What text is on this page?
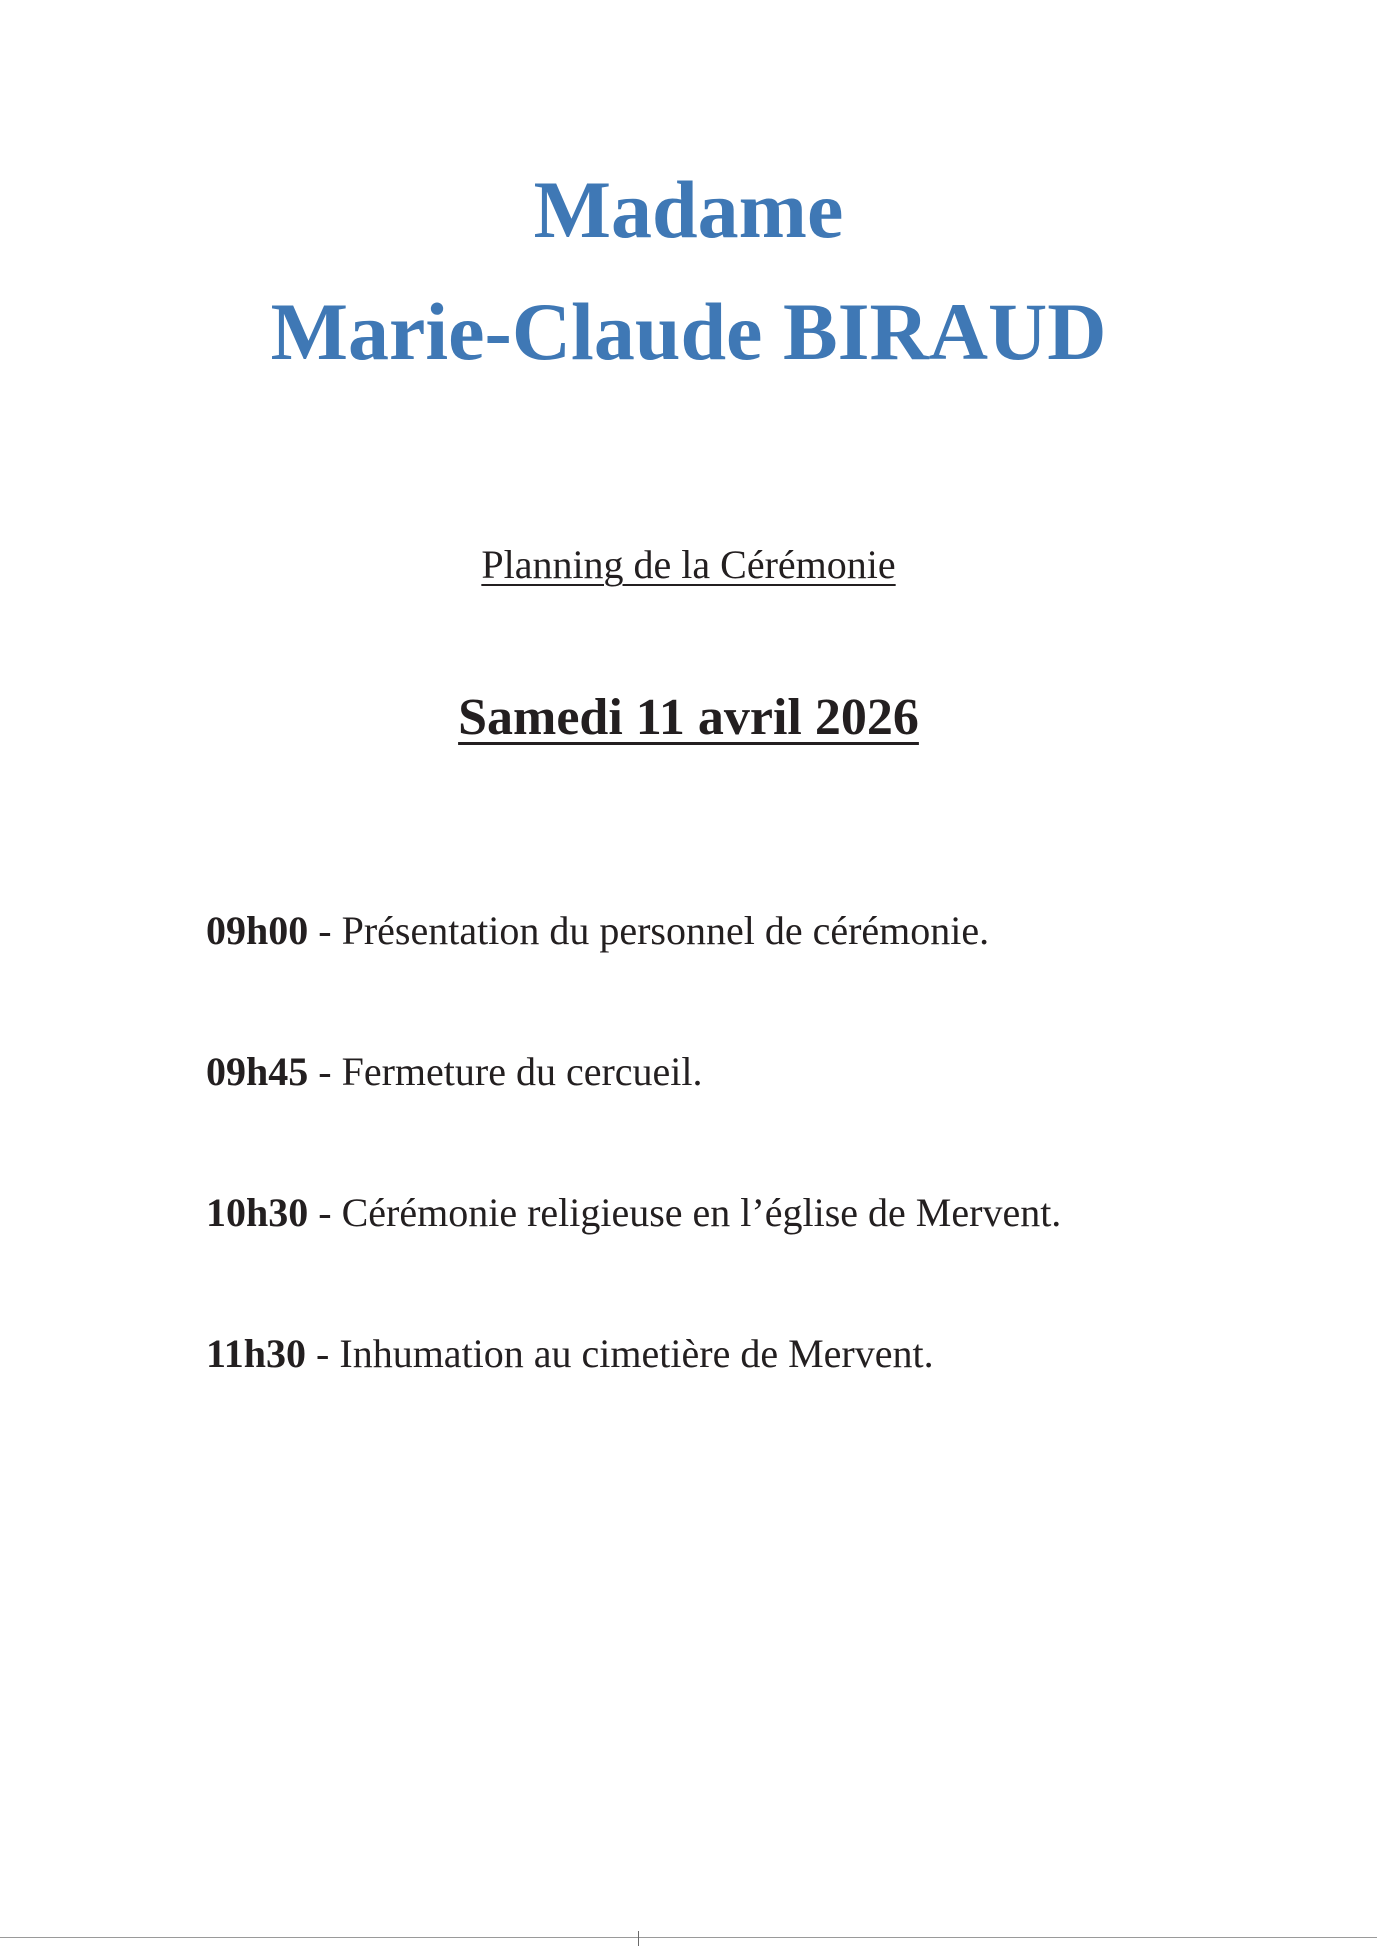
Madame
Marie-Claude BIRAUD
Planning de la Cérémonie
Samedi 11 avril 2026
09h00 - Présentation du personnel de cérémonie.
09h45 - Fermeture du cercueil.
10h30 - Cérémonie religieuse en l’église de Mervent.
11h30 - Inhumation au cimetière de Mervent.
